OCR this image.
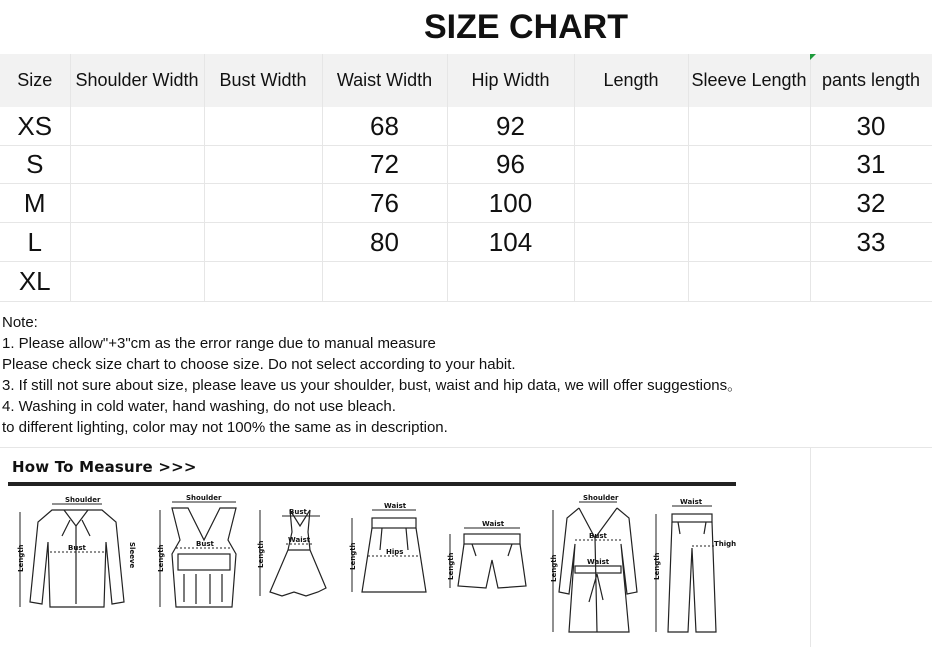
SIZE CHART
Size	Shoulder Width	Bust Width	Waist Width	Hip Width	Length	Sleeve Length	pants length
XS			68	92			30
S			72	96			31
M			76	100			32
L			80	104			33
XL							
Note:
1. Please allow"+3"cm as the error range due to manual measure
Please check size chart to choose size. Do not select according to your habit.
3. If still not sure about size, please leave us your shoulder, bust, waist and hip data, we will offer suggestions。
4. Washing in cold water, hand washing, do not use bleach.
to different lighting, color may not 100% the same as in description.
How To Measure >>>
Shoulder
Bust
Length	Sleeve
Shoulder
Bust
Length
Bust
Waist
Length
Waist
Hips
Length
Waist
Length
Shoulder
Bust
Waist
Length
Waist
Thigh
Length
